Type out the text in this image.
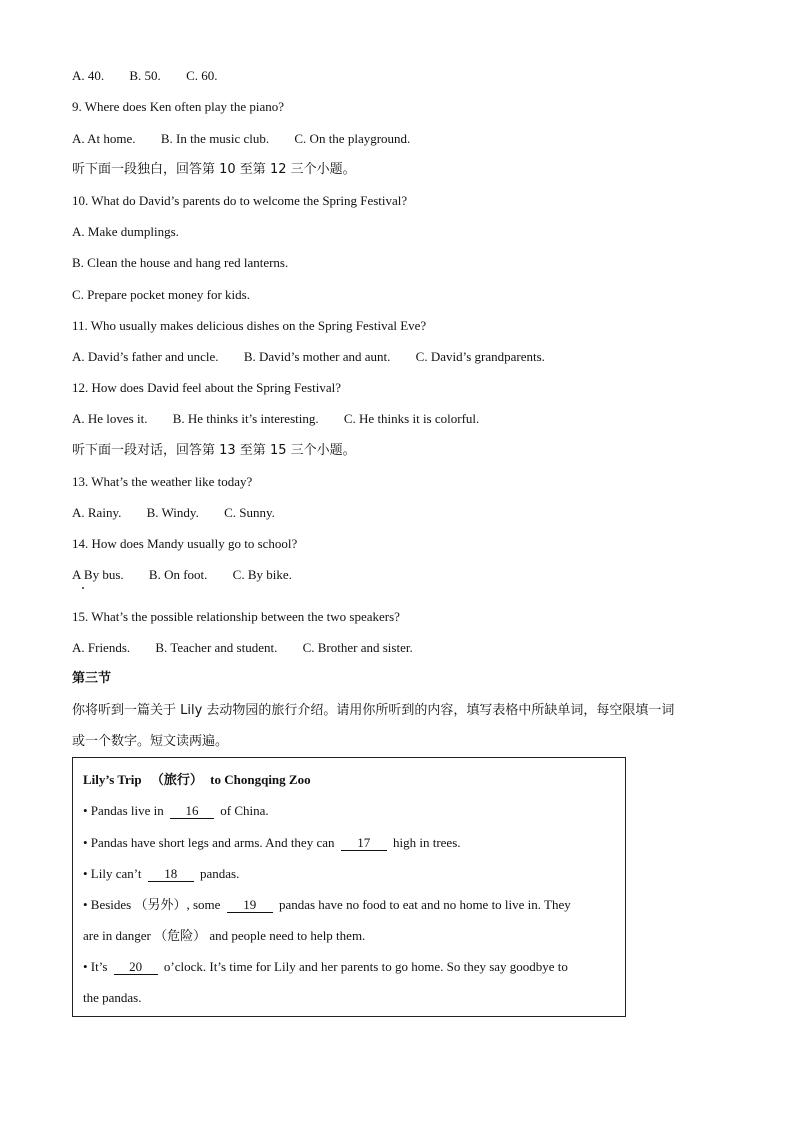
A. 40. B. 50. C. 60.
9. Where does Ken often play the piano?
A. At home. B. In the music club. C. On the playground.
听下面一段独白，回答第 10 至第 12 三个小题。
10. What do David’s parents do to welcome the Spring Festival?
A. Make dumplings.
B. Clean the house and hang red lanterns.
C. Prepare pocket money for kids.
11. Who usually makes delicious dishes on the Spring Festival Eve?
A. David’s father and uncle. B. David’s mother and aunt. C. David’s grandparents.
12. How does David feel about the Spring Festival?
A. He loves it. B. He thinks it’s interesting. C. He thinks it is colorful.
听下面一段对话，回答第 13 至第 15 三个小题。
13. What’s the weather like today?
A. Rainy. B. Windy. C. Sunny.
14. How does Mandy usually go to school?
A By bus. B. On foot. C. By bike.
15. What’s the possible relationship between the two speakers?
A. Friends. B. Teacher and student. C. Brother and sister.
第三节
你将听到一篇关于 Lily 去动物园的旅行介绍。请用你所听到的内容，填写表格中所缺单词，每空限填一词
或一个数字。短文读两遍。
Lily’s Trip （旅行） to Chongqing Zoo
• Pandas live in 16 of China.
• Pandas have short legs and arms. And they can 17 high in trees.
• Lily can’t 18 pandas.
• Besides （另外）, some 19 pandas have no food to eat and no home to live in. They
are in danger （危险） and people need to help them.
• It’s 20 o’clock. It’s time for Lily and her parents to go home. So they say goodbye to
the pandas.
